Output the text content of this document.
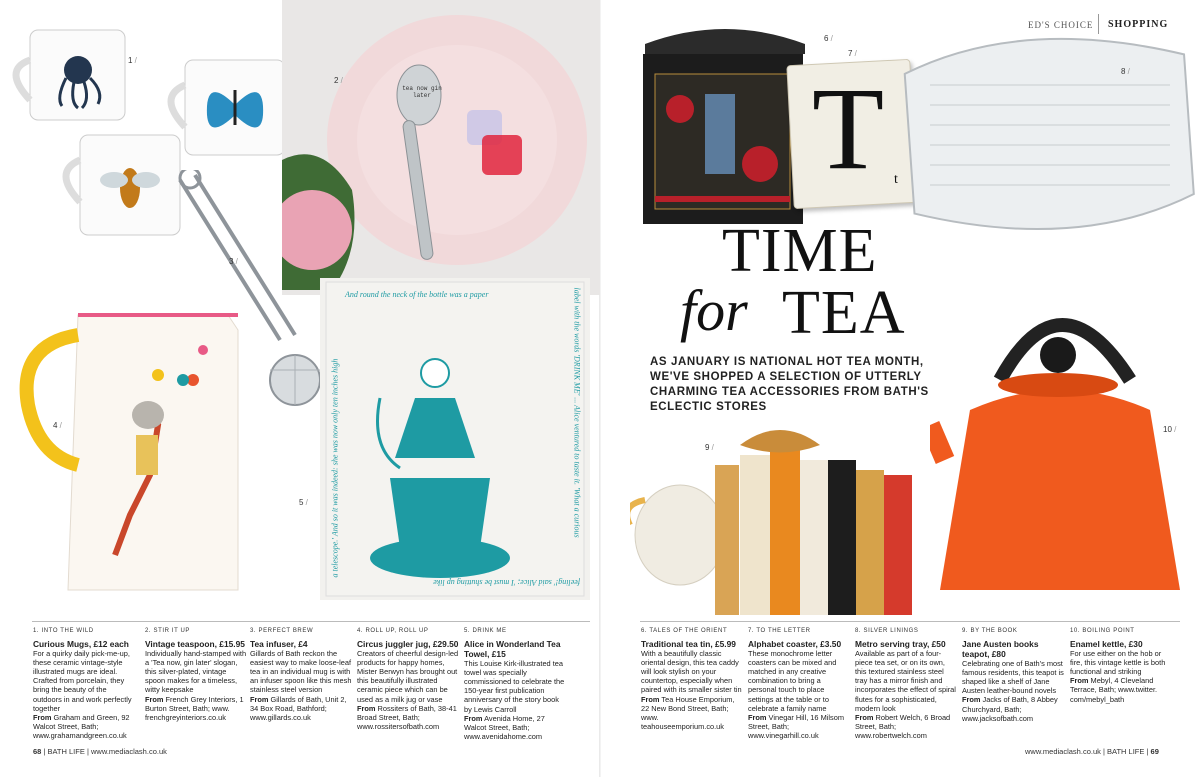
tea now gin later
And round the neck of the bottle was a paper
a telescope.' And so it was indeed: she was now only ten inches high	label with the words 'DRINK ME' ... Alice ventured to taste it. 'What a curious
feeling!' said Alice; 'I must be shutting up like
T t
1 /
2 /
3 /
4 /
5 /
6 /
7 /
8 /
9 /
10 /
ED'S CHOICE SHOPPING
TIME
for TEA
AS JANUARY IS NATIONAL HOT TEA MONTH, WE'VE SHOPPED A SELECTION OF UTTERLY CHARMING TEA ACCESSORIES FROM BATH'S ECLECTIC STORES
1. INTO THE WILD
Curious Mugs, £12 each
For a quirky daily pick-me-up, these ceramic vintage-style illustrated mugs are ideal. Crafted from porcelain, they bring the beauty of the outdoors in and work perfectly together
From Graham and Green, 92 Walcot Street, Bath; www.grahamandgreen.co.uk
2. STIR IT UP
Vintage teaspoon, £15.95
Individually hand-stamped with a 'Tea now, gin later' slogan, this silver-plated, vintage spoon makes for a timeless, witty keepsake
From French Grey Interiors, 1 Burton Street, Bath; www. frenchgreyinteriors.co.uk
3. PERFECT BREW
Tea infuser, £4
Gillards of Bath reckon the easiest way to make loose-leaf tea in an individual mug is with an infuser spoon like this mesh stainless steel version
From Gillards of Bath, Unit 2, 34 Box Road, Bathford; www.gillards.co.uk
4. ROLL UP, ROLL UP
Circus juggler jug, £29.50
Creators of cheerful design-led products for happy homes, Mister Berwyn has brought out this beautifully illustrated ceramic piece which can be used as a milk jug or vase
From Rossiters of Bath, 38-41 Broad Street, Bath; www.rossitersofbath.com
5. DRINK ME
Alice in Wonderland Tea Towel, £15
This Louise Kirk-illustrated tea towel was specially commissioned to celebrate the 150-year first publication anniversary of the story book by Lewis Carroll
From Avenida Home, 27 Walcot Street, Bath; www.avenidahome.com
6. TALES OF THE ORIENT
Traditional tea tin, £5.99
With a beautifully classic oriental design, this tea caddy will look stylish on your countertop, especially when paired with its smaller sister tin
From Tea House Emporium, 22 New Bond Street, Bath; www. teahouseemporium.co.uk
7. TO THE LETTER
Alphabet coaster, £3.50
These monochrome letter coasters can be mixed and matched in any creative combination to bring a personal touch to place settings at the table or to celebrate a family name
From Vinegar Hill, 16 Milsom Street, Bath; www.vinegarhill.co.uk
8. SILVER LININGS
Metro serving tray, £50
Available as part of a four-piece tea set, or on its own, this textured stainless steel tray has a mirror finish and incorporates the effect of spiral flutes for a sophisticated, modern look
From Robert Welch, 6 Broad Street, Bath; www.robertwelch.com
9. BY THE BOOK
Jane Austen books teapot, £80
Celebrating one of Bath's most famous residents, this teapot is shaped like a shelf of Jane Austen leather-bound novels
From Jacks of Bath, 8 Abbey Churchyard, Bath; www.jacksofbath.com
10. BOILING POINT
Enamel kettle, £30
For use either on the hob or fire, this vintage kettle is both functional and striking
From Mebyl, 4 Cleveland Terrace, Bath; www.twitter. com/mebyl_bath
68 | BATH LIFE | www.mediaclash.co.uk	www.mediaclash.co.uk | BATH LIFE | 69
